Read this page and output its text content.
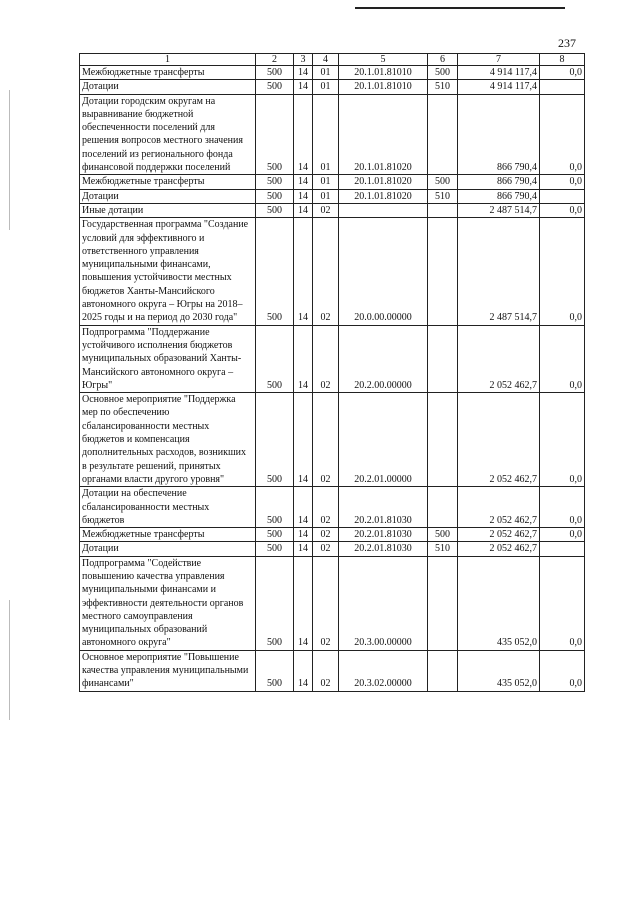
237
1	2	3	4	5	6	7	8
Межбюджетные трансферты	500	14	01	20.1.01.81010	500	4 914 117,4	0,0
Дотации	500	14	01	20.1.01.81010	510	4 914 117,4	
Дотации городским округам на выравнивание бюджетной обеспеченности поселений для решения вопросов местного значения поселений из регионального фонда финансовой поддержки поселений	500	14	01	20.1.01.81020		866 790,4	0,0
Межбюджетные трансферты	500	14	01	20.1.01.81020	500	866 790,4	0,0
Дотации	500	14	01	20.1.01.81020	510	866 790,4	
Иные дотации	500	14	02			2 487 514,7	0,0
Государственная программа "Создание условий для эффективного и ответственного управления муниципальными финансами, повышения устойчивости местных бюджетов Ханты-Мансийского автономного округа – Югры на 2018–2025 годы и на период до 2030 года"	500	14	02	20.0.00.00000		2 487 514,7	0,0
Подпрограмма "Поддержание устойчивого исполнения бюджетов муниципальных образований Ханты-Мансийского автономного округа – Югры"	500	14	02	20.2.00.00000		2 052 462,7	0,0
Основное мероприятие "Поддержка мер по обеспечению сбалансированности местных бюджетов и компенсация дополнительных расходов, возникших в результате решений, принятых органами власти другого уровня"	500	14	02	20.2.01.00000		2 052 462,7	0,0
Дотации на обеспечение сбалансированности местных бюджетов	500	14	02	20.2.01.81030		2 052 462,7	0,0
Межбюджетные трансферты	500	14	02	20.2.01.81030	500	2 052 462,7	0,0
Дотации	500	14	02	20.2.01.81030	510	2 052 462,7	
Подпрограмма "Содействие повышению качества управления муниципальными финансами и эффективности деятельности органов местного самоуправления муниципальных образований автономного округа"	500	14	02	20.3.00.00000		435 052,0	0,0
Основное мероприятие "Повышение качества управления муниципальными финансами"	500	14	02	20.3.02.00000		435 052,0	0,0
